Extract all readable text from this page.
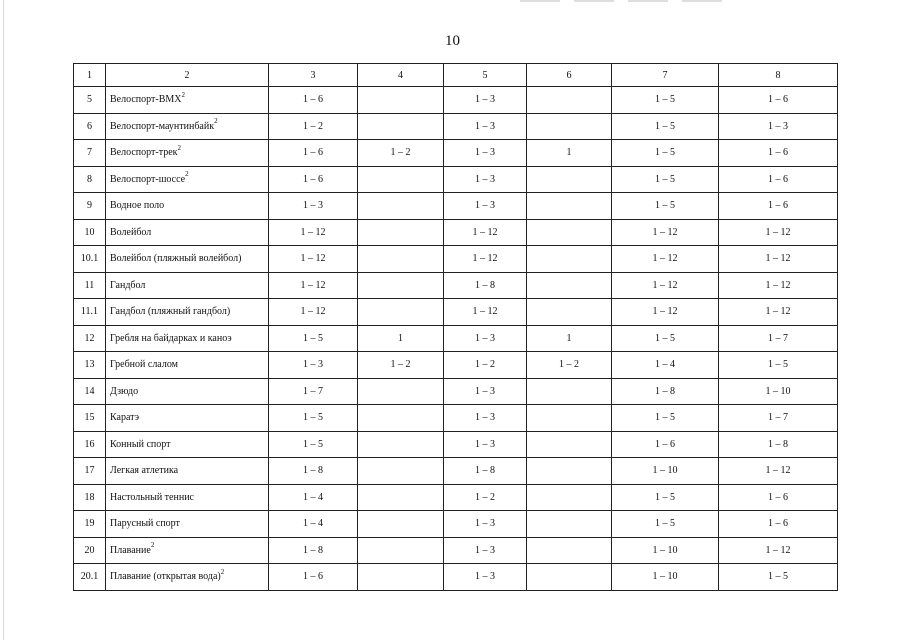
10
1	2	3	4	5	6	7	8
5	Велоспорт-BMX$^2$	1 – 6		1 – 3		1 – 5	1 – 6
6	Велоспорт-маунтинбайк$^2$	1 – 2		1 – 3		1 – 5	1 – 3
7	Велоспорт-трек$^2$	1 – 6	1 – 2	1 – 3	1	1 – 5	1 – 6
8	Велоспорт-шоссе$^2$	1 – 6		1 – 3		1 – 5	1 – 6
9	Водное поло	1 – 3		1 – 3		1 – 5	1 – 6
10	Волейбол	1 – 12		1 – 12		1 – 12	1 – 12
10.1	Волейбол (пляжный волейбол)	1 – 12		1 – 12		1 – 12	1 – 12
11	Гандбол	1 – 12		1 – 8		1 – 12	1 – 12
11.1	Гандбол (пляжный гандбол)	1 – 12		1 – 12		1 – 12	1 – 12
12	Гребля на байдарках и каноэ	1 – 5	1	1 – 3	1	1 – 5	1 – 7
13	Гребной слалом	1 – 3	1 – 2	1 – 2	1 – 2	1 – 4	1 – 5
14	Дзюдо	1 – 7		1 – 3		1 – 8	1 – 10
15	Каратэ	1 – 5		1 – 3		1 – 5	1 – 7
16	Конный спорт	1 – 5		1 – 3		1 – 6	1 – 8
17	Легкая атлетика	1 – 8		1 – 8		1 – 10	1 – 12
18	Настольный теннис	1 – 4		1 – 2		1 – 5	1 – 6
19	Парусный спорт	1 – 4		1 – 3		1 – 5	1 – 6
20	Плавание$^2$	1 – 8		1 – 3		1 – 10	1 – 12
20.1	Плавание (открытая вода)$^2$	1 – 6		1 – 3		1 – 10	1 – 5
